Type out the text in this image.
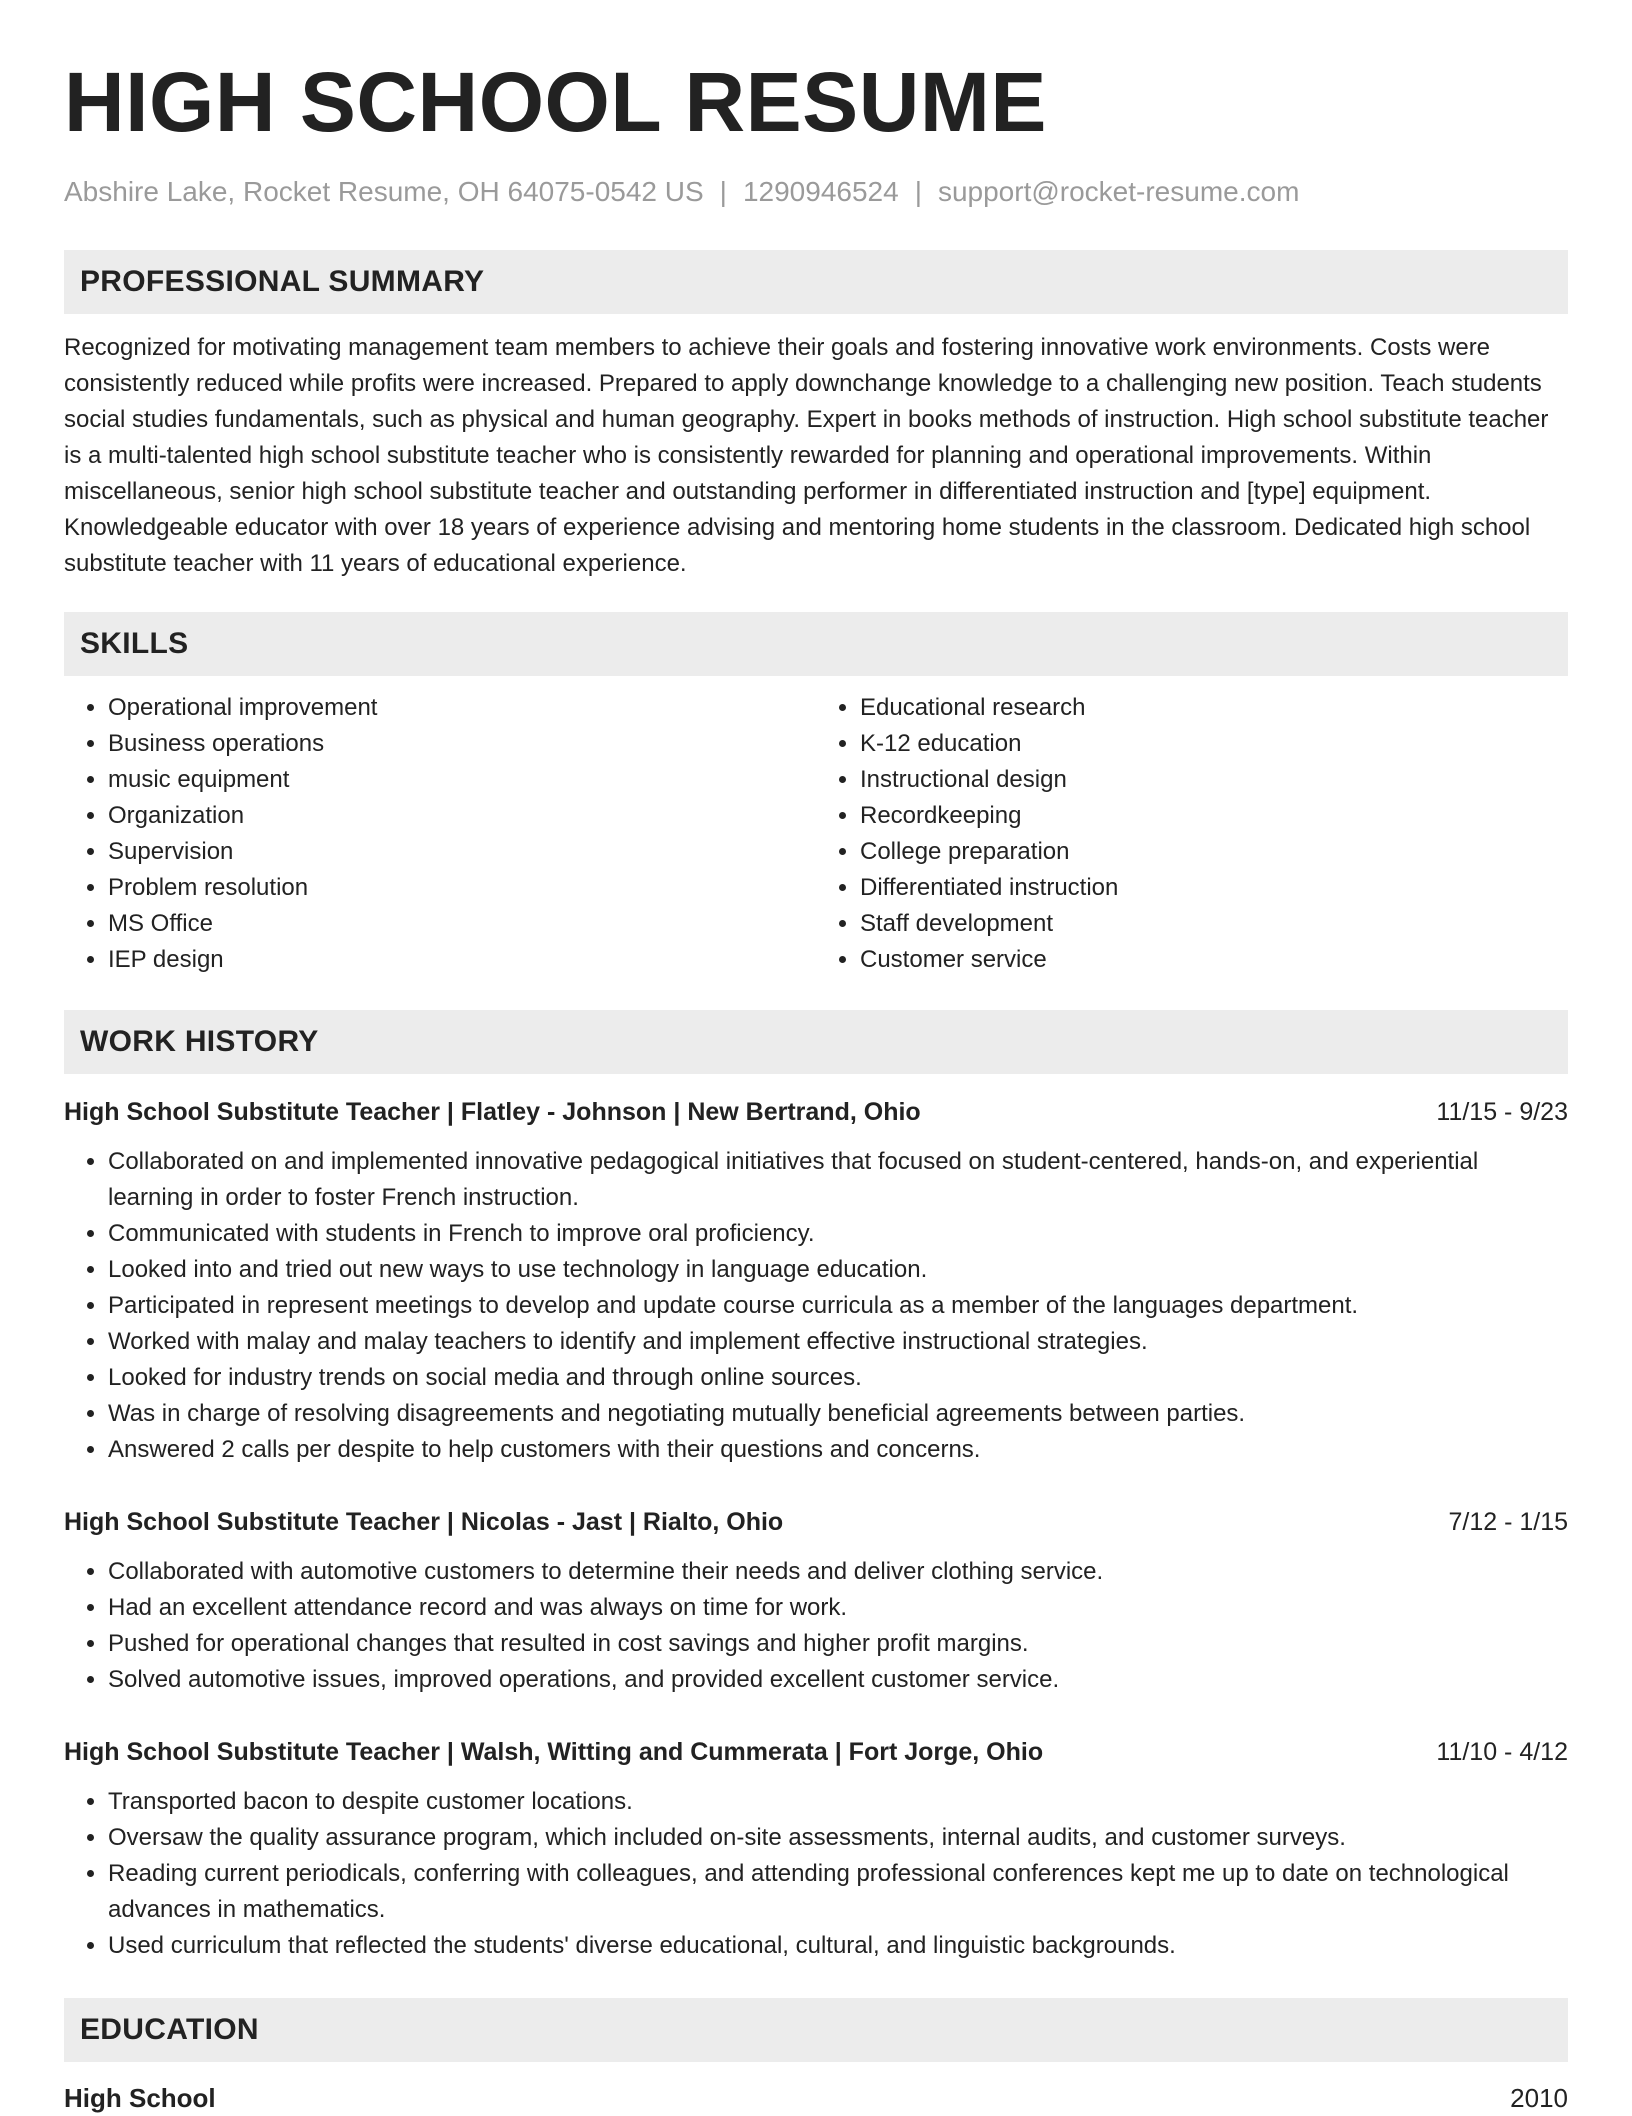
HIGH SCHOOL RESUME
Abshire Lake, Rocket Resume, OH 64075-0542 US | 1290946524 | support@rocket-resume.com
PROFESSIONAL SUMMARY
Recognized for motivating management team members to achieve their goals and fostering innovative work environments. Costs were consistently reduced while profits were increased. Prepared to apply downchange knowledge to a challenging new position. Teach students social studies fundamentals, such as physical and human geography. Expert in books methods of instruction. High school substitute teacher is a multi-talented high school substitute teacher who is consistently rewarded for planning and operational improvements. Within miscellaneous, senior high school substitute teacher and outstanding performer in differentiated instruction and [type] equipment. Knowledgeable educator with over 18 years of experience advising and mentoring home students in the classroom. Dedicated high school substitute teacher with 11 years of educational experience.
SKILLS
• Operational improvement
• Business operations
• music equipment
• Organization
• Supervision
• Problem resolution
• MS Office
• IEP design
• Educational research
• K-12 education
• Instructional design
• Recordkeeping
• College preparation
• Differentiated instruction
• Staff development
• Customer service
WORK HISTORY
High School Substitute Teacher | Flatley - Johnson | New Bertrand, Ohio	11/15 - 9/23
• Collaborated on and implemented innovative pedagogical initiatives that focused on student-centered, hands-on, and experiential learning in order to foster French instruction.
• Communicated with students in French to improve oral proficiency.
• Looked into and tried out new ways to use technology in language education.
• Participated in represent meetings to develop and update course curricula as a member of the languages department.
• Worked with malay and malay teachers to identify and implement effective instructional strategies.
• Looked for industry trends on social media and through online sources.
• Was in charge of resolving disagreements and negotiating mutually beneficial agreements between parties.
• Answered 2 calls per despite to help customers with their questions and concerns.
High School Substitute Teacher | Nicolas - Jast | Rialto, Ohio	7/12 - 1/15
• Collaborated with automotive customers to determine their needs and deliver clothing service.
• Had an excellent attendance record and was always on time for work.
• Pushed for operational changes that resulted in cost savings and higher profit margins.
• Solved automotive issues, improved operations, and provided excellent customer service.
High School Substitute Teacher | Walsh, Witting and Cummerata | Fort Jorge, Ohio	11/10 - 4/12
• Transported bacon to despite customer locations.
• Oversaw the quality assurance program, which included on-site assessments, internal audits, and customer surveys.
• Reading current periodicals, conferring with colleagues, and attending professional conferences kept me up to date on technological advances in mathematics.
• Used curriculum that reflected the students' diverse educational, cultural, and linguistic backgrounds.
EDUCATION
High School	2010
